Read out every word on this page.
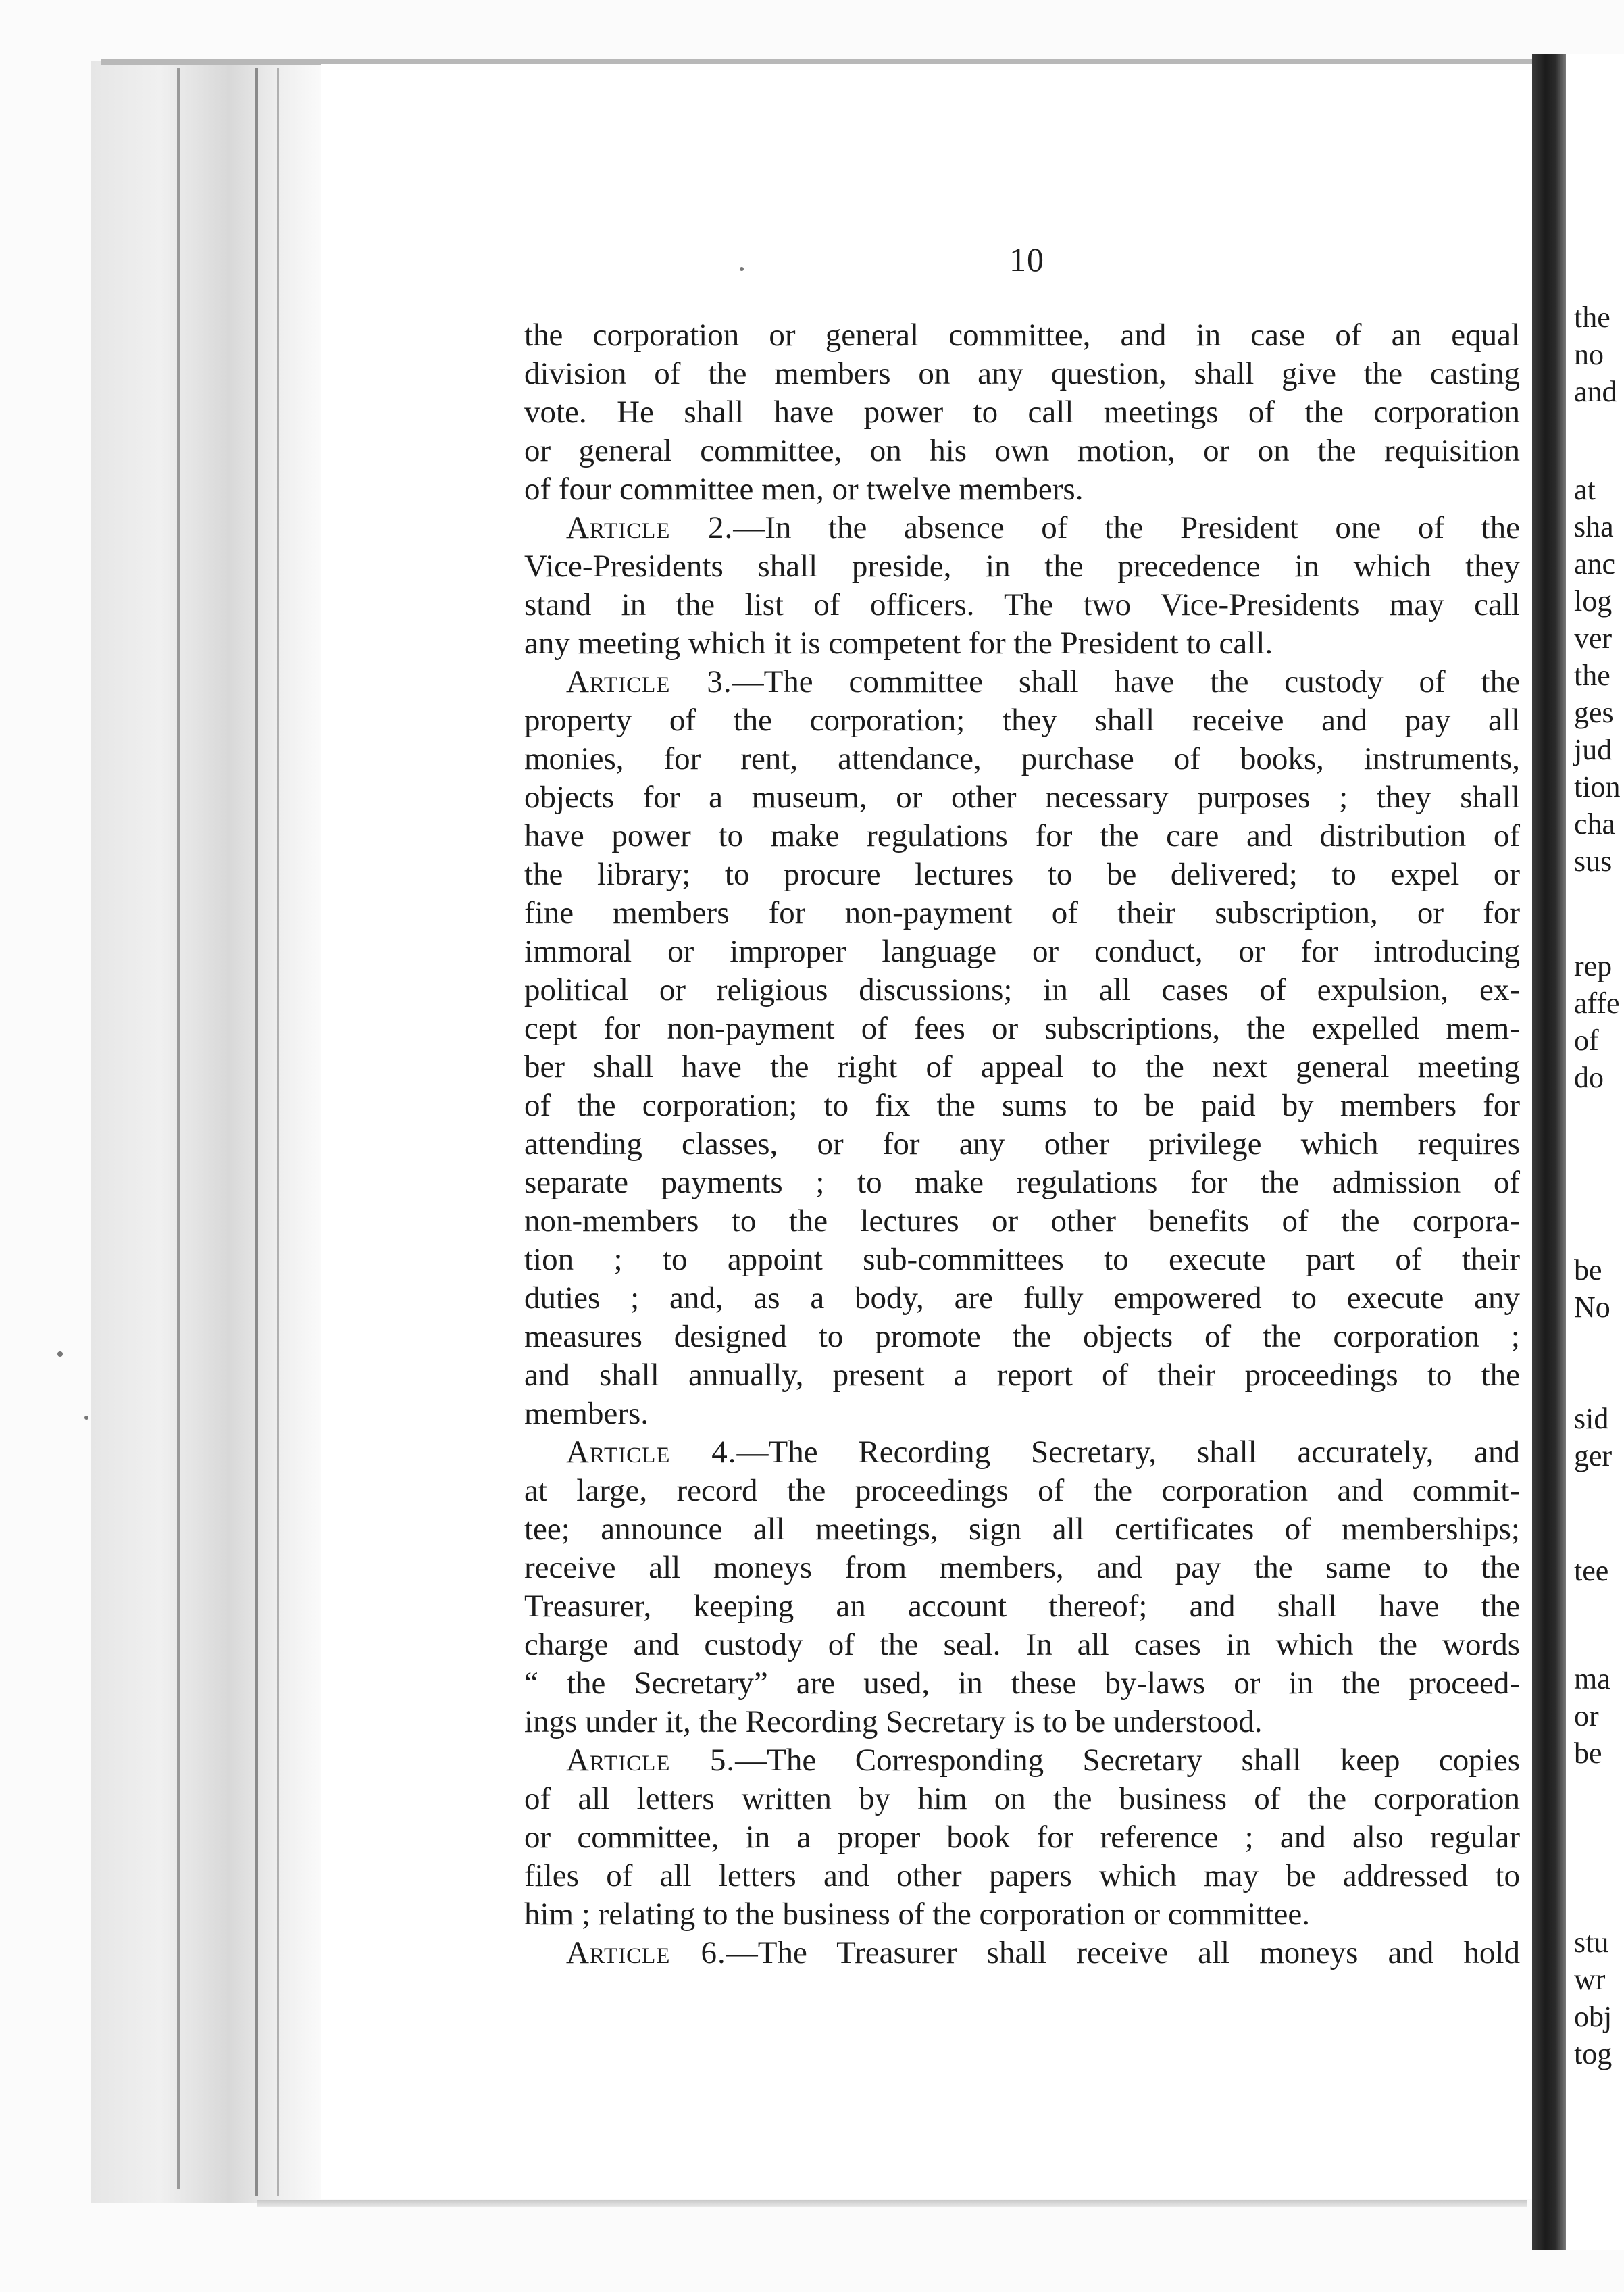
10
the corporation or general committee, and in case of an equal
division of the members on any question, shall give the casting
vote. He shall have power to call meetings of the corporation
or general committee, on his own motion, or on the requisition
of four committee men, or twelve members.
Article 2.—In the absence of the President one of the
Vice-Presidents shall preside, in the precedence in which they
stand in the list of officers. The two Vice-Presidents may call
any meeting which it is competent for the President to call.
Article 3.—The committee shall have the custody of the
property of the corporation; they shall receive and pay all
monies, for rent, attendance, purchase of books, instruments,
objects for a museum, or other necessary purposes ; they shall
have power to make regulations for the care and distribution of
the library; to procure lectures to be delivered; to expel or
fine members for non-payment of their subscription, or for
immoral or improper language or conduct, or for introducing
political or religious discussions; in all cases of expulsion, ex-
cept for non-payment of fees or subscriptions, the expelled mem-
ber shall have the right of appeal to the next general meeting
of the corporation; to fix the sums to be paid by members for
attending classes, or for any other privilege which requires
separate payments ; to make regulations for the admission of
non-members to the lectures or other benefits of the corpora-
tion ; to appoint sub-committees to execute part of their
duties ; and, as a body, are fully empowered to execute any
measures designed to promote the objects of the corporation ;
and shall annually, present a report of their proceedings to the
members.
Article 4.—The Recording Secretary, shall accurately, and
at large, record the proceedings of the corporation and commit-
tee; announce all meetings, sign all certificates of memberships;
receive all moneys from members, and pay the same to the
Treasurer, keeping an account thereof; and shall have the
charge and custody of the seal. In all cases in which the words
“ the Secretary” are used, in these by-laws or in the proceed-
ings under it, the Recording Secretary is to be understood.
Article 5.—The Corresponding Secretary shall keep copies
of all letters written by him on the business of the corporation
or committee, in a proper book for reference ; and also regular
files of all letters and other papers which may be addressed to
him ; relating to the business of the corporation or committee.
Article 6.—The Treasurer shall receive all moneys and hold
the
no
and
at
sha
anc
log
ver
the
ges
jud
tion
cha
sus
rep
affe
of
do
be
No
sid
ger
tee
ma
or
be
stu
wr
obj
tog
